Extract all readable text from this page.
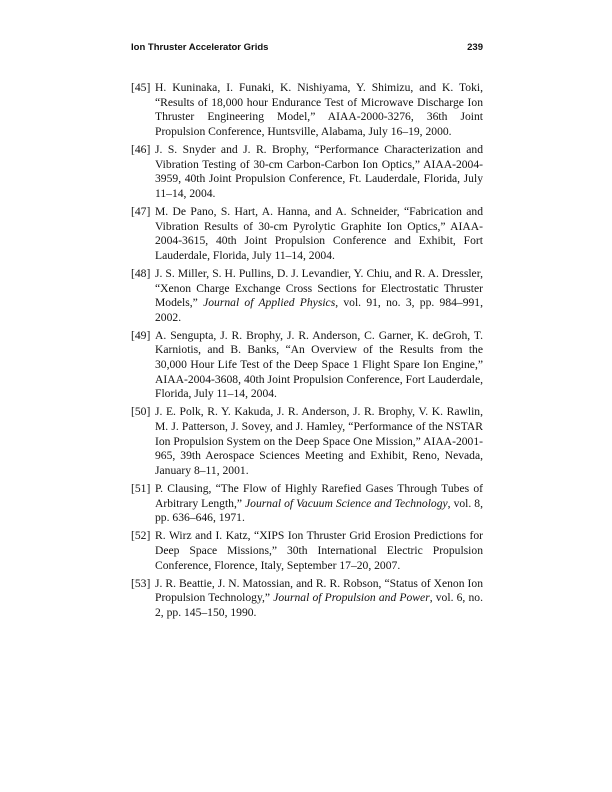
Ion Thruster Accelerator Grids	239
[45] H. Kuninaka, I. Funaki, K. Nishiyama, Y. Shimizu, and K. Toki, “Results of 18,000 hour Endurance Test of Microwave Discharge Ion Thruster Engineering Model,” AIAA-2000-3276, 36th Joint Propulsion Conference, Huntsville, Alabama, July 16–19, 2000.
[46] J. S. Snyder and J. R. Brophy, “Performance Characterization and Vibration Testing of 30-cm Carbon-Carbon Ion Optics,” AIAA-2004-3959, 40th Joint Propulsion Conference, Ft. Lauderdale, Florida, July 11–14, 2004.
[47] M. De Pano, S. Hart, A. Hanna, and A. Schneider, “Fabrication and Vibration Results of 30-cm Pyrolytic Graphite Ion Optics,” AIAA-2004-3615, 40th Joint Propulsion Conference and Exhibit, Fort Lauderdale, Florida, July 11–14, 2004.
[48] J. S. Miller, S. H. Pullins, D. J. Levandier, Y. Chiu, and R. A. Dressler, “Xenon Charge Exchange Cross Sections for Electrostatic Thruster Models,” Journal of Applied Physics, vol. 91, no. 3, pp. 984–991, 2002.
[49] A. Sengupta, J. R. Brophy, J. R. Anderson, C. Garner, K. deGroh, T. Karniotis, and B. Banks, “An Overview of the Results from the 30,000 Hour Life Test of the Deep Space 1 Flight Spare Ion Engine,” AIAA-2004-3608, 40th Joint Propulsion Conference, Fort Lauderdale, Florida, July 11–14, 2004.
[50] J. E. Polk, R. Y. Kakuda, J. R. Anderson, J. R. Brophy, V. K. Rawlin, M. J. Patterson, J. Sovey, and J. Hamley, “Performance of the NSTAR Ion Propulsion System on the Deep Space One Mission,” AIAA-2001-965, 39th Aerospace Sciences Meeting and Exhibit, Reno, Nevada, January 8–11, 2001.
[51] P. Clausing, “The Flow of Highly Rarefied Gases Through Tubes of Arbitrary Length,” Journal of Vacuum Science and Technology, vol. 8, pp. 636–646, 1971.
[52] R. Wirz and I. Katz, “XIPS Ion Thruster Grid Erosion Predictions for Deep Space Missions,” 30th International Electric Propulsion Conference, Florence, Italy, September 17–20, 2007.
[53] J. R. Beattie, J. N. Matossian, and R. R. Robson, “Status of Xenon Ion Propulsion Technology,” Journal of Propulsion and Power, vol. 6, no. 2, pp. 145–150, 1990.
